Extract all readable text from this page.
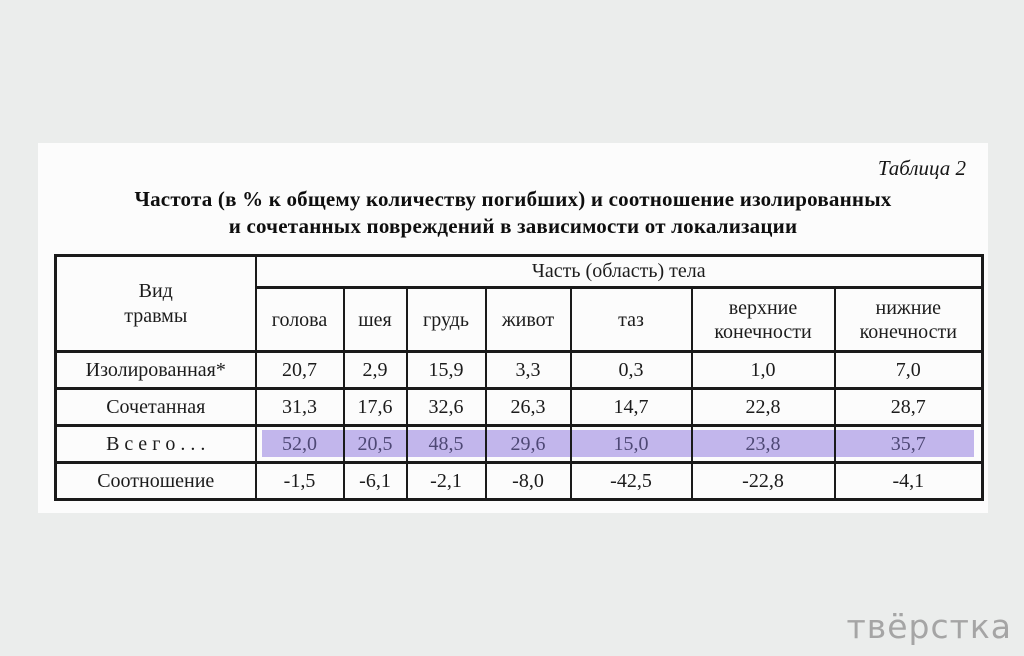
Таблица 2
Частота (в % к общему количеству погибших) и соотношение изолированных
и сочетанных повреждений в зависимости от локализации
Вид
травмы	Часть (область) тела						
	голова	шея	грудь	живот	таз	верхние конечности	нижние конечности
Изолированная*	20,7	2,9	15,9	3,3	0,3	1,0	7,0
Сочетанная	31,3	17,6	32,6	26,3	14,7	22,8	28,7
В с е г о . . .	52,0	20,5	48,5	29,6	15,0	23,8	35,7
Соотношение	-1,5	-6,1	-2,1	-8,0	-42,5	-22,8	-4,1
твёрстка
